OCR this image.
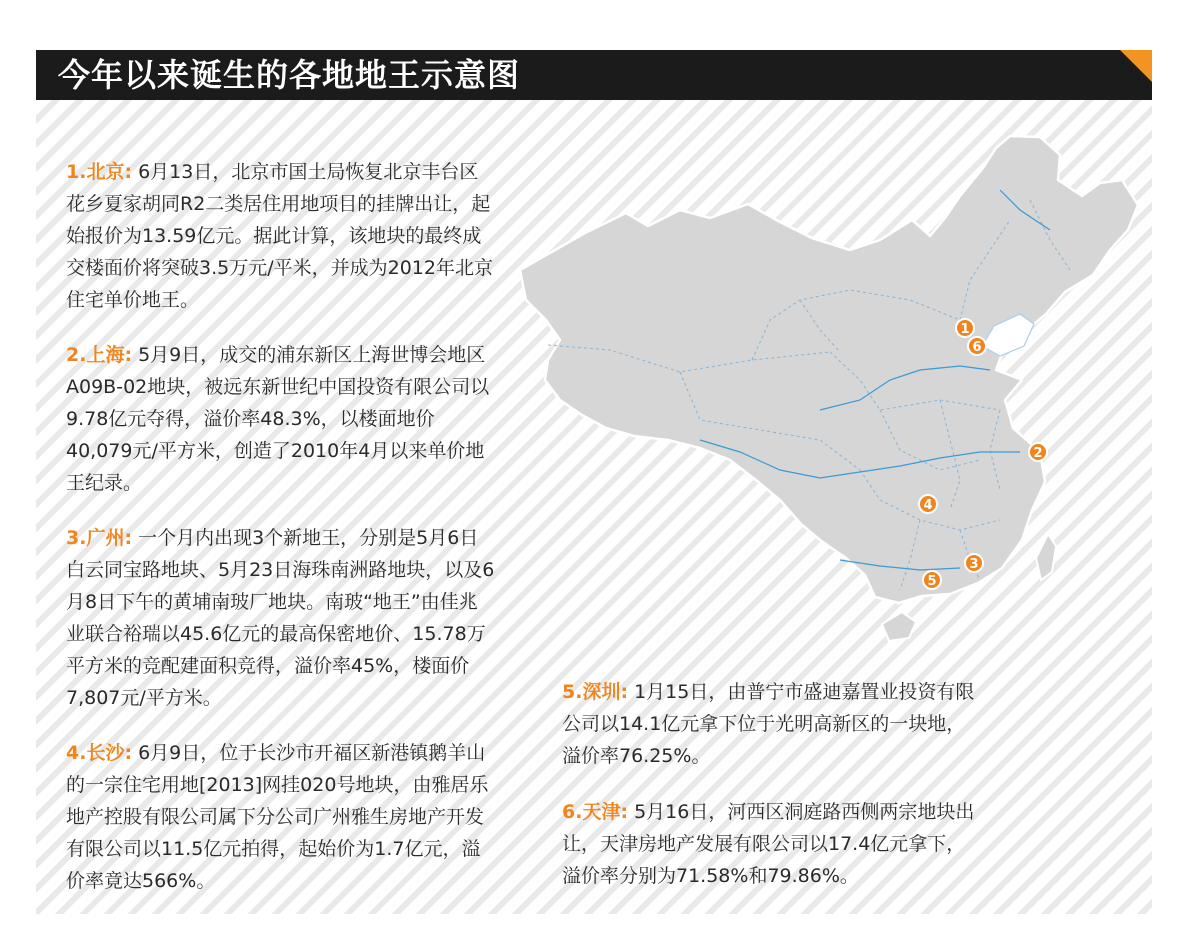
今年以来诞生的各地地王示意图
1
6
2
4
3
5
1.北京: 6月13日，北京市国土局恢复北京丰台区花乡夏家胡同R2二类居住用地项目的挂牌出让，起始报价为13.59亿元。据此计算，该地块的最终成交楼面价将突破3.5万元/平米，并成为2012年北京住宅单价地王。
2.上海: 5月9日，成交的浦东新区上海世博会地区A09B-02地块，被远东新世纪中国投资有限公司以9.78亿元夺得，溢价率48.3%，以楼面地价40,079元/平方米，创造了2010年4月以来单价地王纪录。
3.广州: 一个月内出现3个新地王，分别是5月6日白云同宝路地块、5月23日海珠南洲路地块，以及6月8日下午的黄埔南玻厂地块。南玻“地王”由佳兆业联合裕瑞以45.6亿元的最高保密地价、15.78万平方米的竞配建面积竞得，溢价率45%，楼面价7,807元/平方米。
4.长沙: 6月9日，位于长沙市开福区新港镇鹅羊山的一宗住宅用地[2013]网挂020号地块，由雅居乐地产控股有限公司属下分公司广州雅生房地产开发有限公司以11.5亿元拍得，起始价为1.7亿元，溢价率竟达566%。
5.深圳: 1月15日，由普宁市盛迪嘉置业投资有限公司以14.1亿元拿下位于光明高新区的一块地，溢价率76.25%。
6.天津: 5月16日，河西区洞庭路西侧两宗地块出让，天津房地产发展有限公司以17.4亿元拿下，溢价率分别为71.58%和79.86%。
